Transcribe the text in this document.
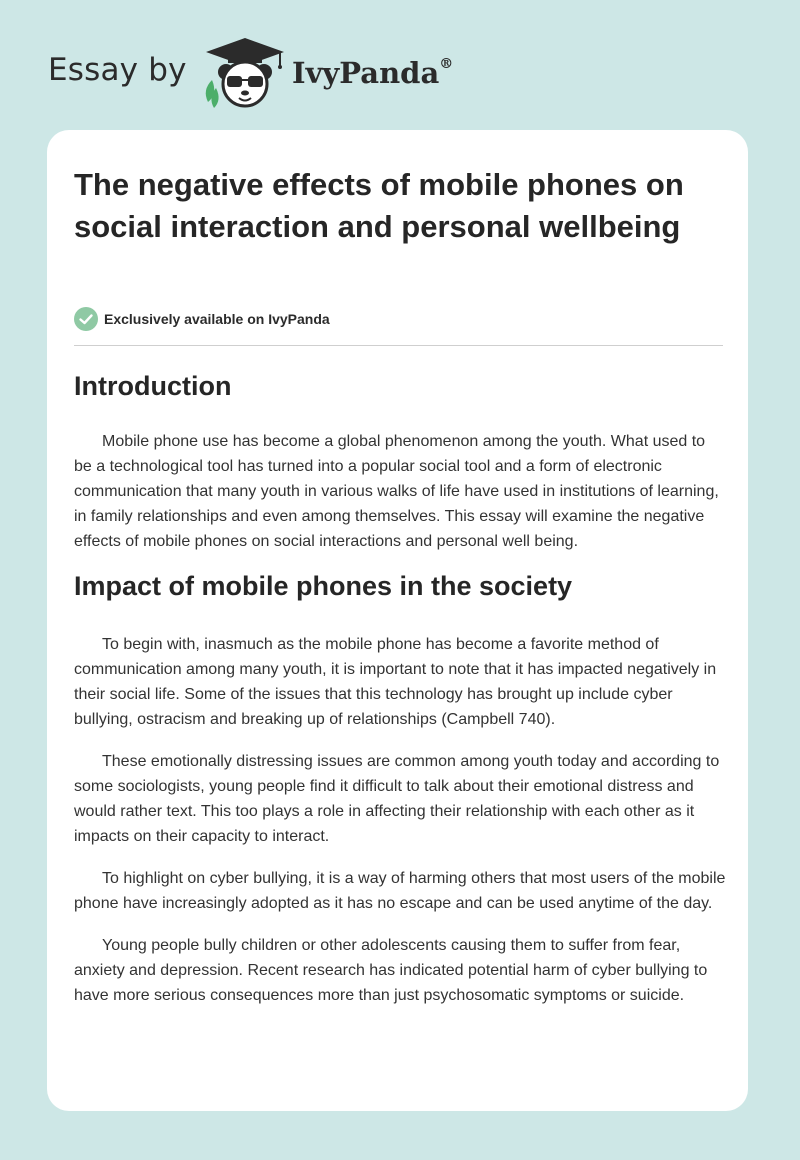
Essay by	IvyPanda®
The negative effects of mobile phones on social interaction and personal wellbeing
Exclusively available on IvyPanda
Introduction

Mobile phone use has become a global phenomenon among the youth. What used to be a technological tool has turned into a popular social tool and a form of electronic communication that many youth in various walks of life have used in institutions of learning, in family relationships and even among themselves. This essay will examine the negative effects of mobile phones on social interactions and personal well being.

Impact of mobile phones in the society

To begin with, inasmuch as the mobile phone has become a favorite method of communication among many youth, it is important to note that it has impacted negatively in their social life. Some of the issues that this technology has brought up include cyber bullying, ostracism and breaking up of relationships (Campbell 740).

These emotionally distressing issues are common among youth today and according to some sociologists, young people find it difficult to talk about their emotional distress and would rather text. This too plays a role in affecting their relationship with each other as it impacts on their capacity to interact.

To highlight on cyber bullying, it is a way of harming others that most users of the mobile phone have increasingly adopted as it has no escape and can be used anytime of the day.

Young people bully children or other adolescents causing them to suffer from fear, anxiety and depression. Recent research has indicated potential harm of cyber bullying to have more serious consequences more than just psychosomatic symptoms or suicide.
